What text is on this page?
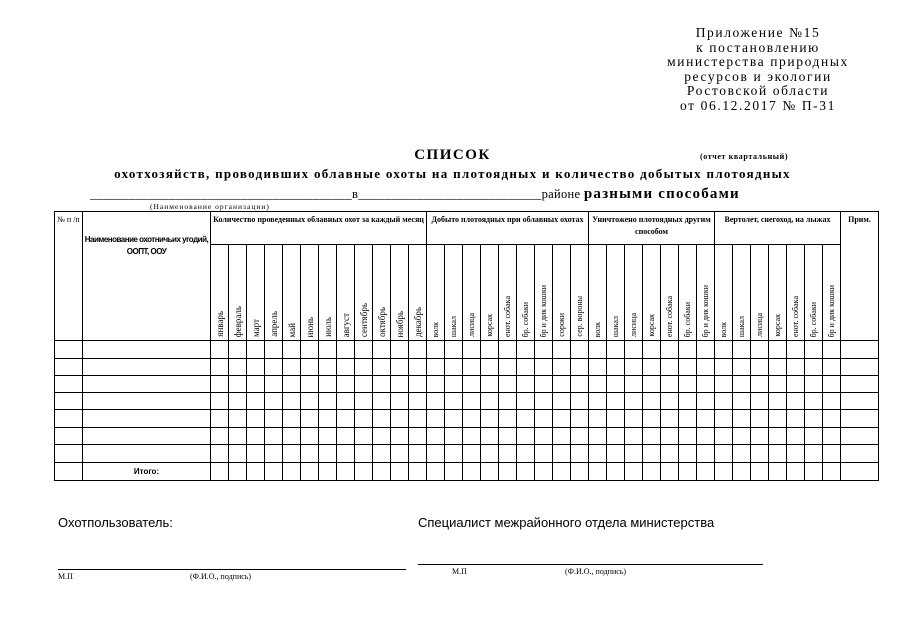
Приложение №15
к постановлению
министерства природных
ресурсов и экологии
Ростовской области
от 06.12.2017 № П-31
СПИСОК	(отчет квартальный)
охотхозяйств, проводивших облавные охоты на плотоядных и количество добытых плотоядных
________________________________________в____________________________районе разными способами
(Наименование организации)
№ п /п	Наименование охотничьих угодий, ООПТ, ООУ	Количество проведенных облавных охот за каждый месяц												Добыто плотоядных при облавных охотах									Уничтожено плотоядных другим способом							Вертолет, снегоход, на лыжах							Прим.

		январь	февраль	март	апрель	май	июнь	июль	август	сентябрь	октябрь	ноябрь	декабрь	волк	шакал	лисица	корсак	енот. собака	бр. собаки	бр и дик кошки	сороки	сер. вороны	волк	шакал	лисица	корсак	енот. собака	бр. собаки	бр и дик кошки	волк	шакал	лисица	корсак	енот. собака	бр. собаки	бр и дик кошки	

	Итого:																																				
Охотпользователь:	Специалист межрайонного отдела министерства
М.П	(Ф.И.О., подпись)
М.П	(Ф.И.О., подпись)
